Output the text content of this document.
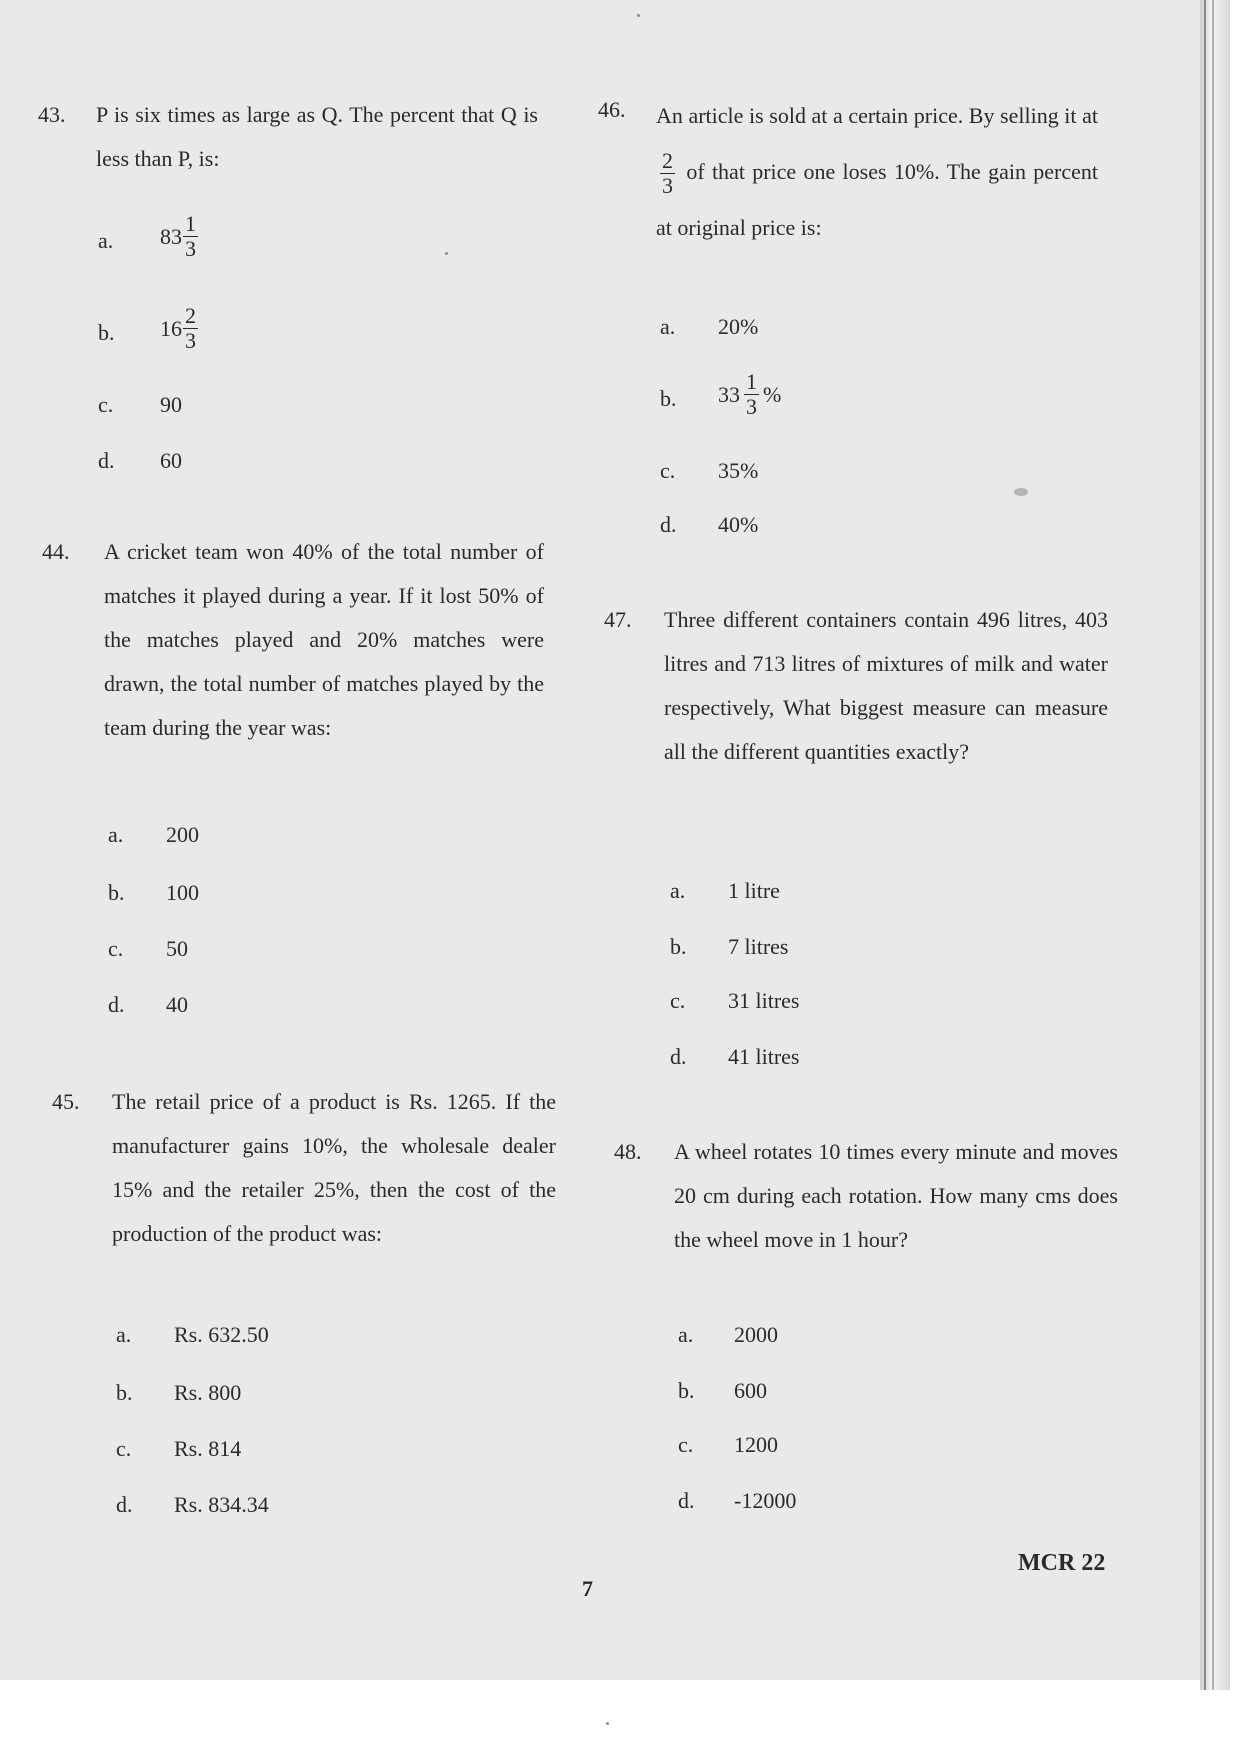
43. P is six times as large as Q. The percent that Q is less than P, is:
a. $83 \frac{1}{3}$
b. $16 \frac{2}{3}$
c. 90
d. 60
44. A cricket team won 40% of the total number of matches it played during a year. If it lost 50% of the matches played and 20% matches were drawn, the total number of matches played by the team during the year was:
a. 200
b. 100
c. 50
d. 40
45. The retail price of a product is Rs. 1265. If the manufacturer gains 10%, the wholesale dealer 15% and the retailer 25%, then the cost of the production of the product was:
a. Rs. 632.50
b. Rs. 800
c. Rs. 814
d. Rs. 834.34
46. An article is sold at a certain price. By selling it at
$\frac{2}{3}$ of that price one loses 10%. The gain percent at original price is:
a. 20%
b. $33 \frac{1}{3}$ %
c. 35%
d. 40%
47. Three different containers contain 496 litres, 403 litres and 713 litres of mixtures of milk and water respectively, What biggest measure can measure all the different quantities exactly?
a. 1 litre
b. 7 litres
c. 31 litres
d. 41 litres
48. A wheel rotates 10 times every minute and moves 20 cm during each rotation. How many cms does the wheel move in 1 hour?
a. 2000
b. 600
c. 1200
d. -12000
MCR 22
7
